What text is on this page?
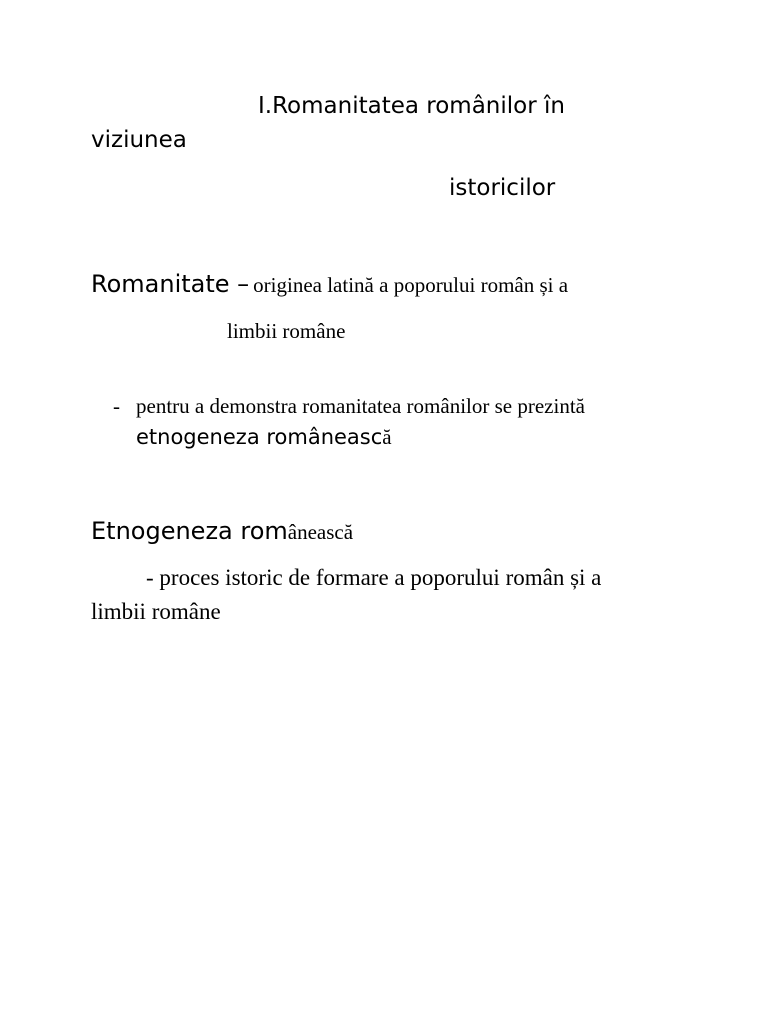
I.Romanitatea românilor în
viziunea
istoricilor
Romanitate – originea latină a poporului român și a
limbii române
- pentru a demonstra romanitatea românilor se prezintă
etnogeneza românească
Etnogeneza românească
- proces istoric de formare a poporului român și a
limbii române
